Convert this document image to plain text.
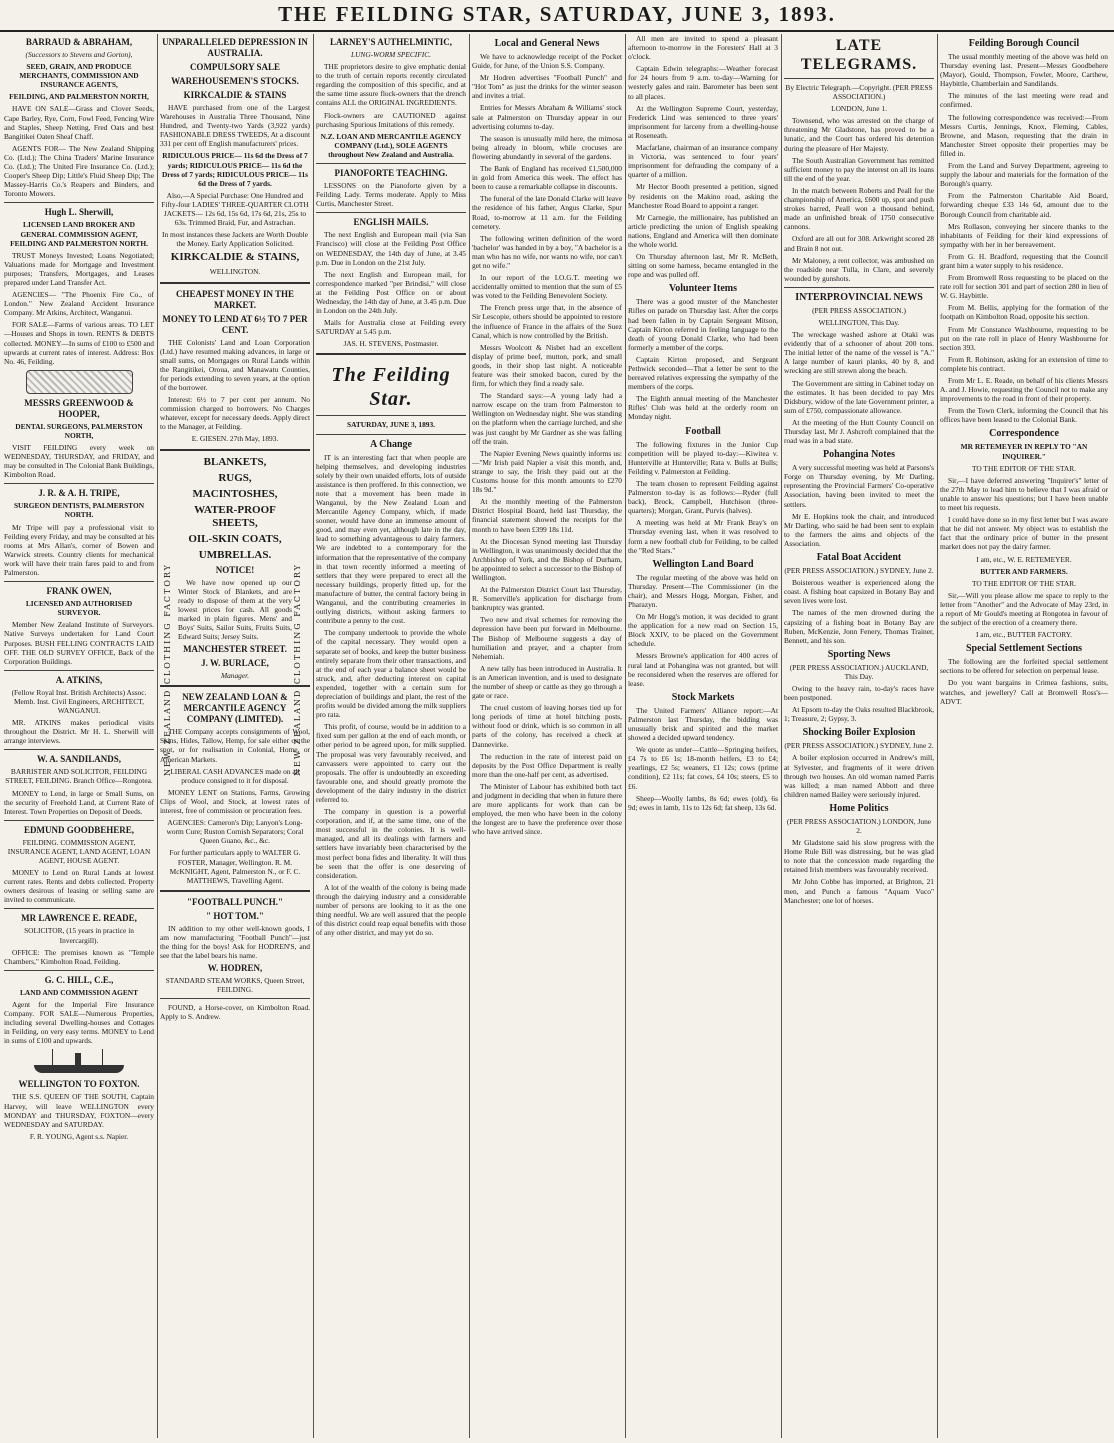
THE FEILDING STAR, SATURDAY, JUNE 3, 1893.
BARRAUD & ABRAHAM,

(Successors to Stevens and Gorton),

SEED, GRAIN, AND PRODUCE MERCHANTS, COMMISSION AND INSURANCE AGENTS,

FEILDING, AND PALMERSTON NORTH,

HAVE ON SALE—Grass and Clover Seeds, Cape Barley, Rye, Corn, Fowl Feed, Fencing Wire and Staples, Sheep Netting, Fred Oats and best Bangitikei Oaten Sheaf Chaff.

AGENTS FOR— The New Zealand Shipping Co. (Ltd.); The China Traders' Marine Insurance Co. (Ltd.); The United Fire Insurance Co. (Ltd.); Cooper's Sheep Dip; Little's Fluid Sheep Dip; The Massey-Harris Co.'s Reapers and Binders, and Toronto Mowers.

Hugh L. Sherwill,

LICENSED LAND BROKER AND GENERAL COMMISSION AGENT, FEILDING AND PALMERSTON NORTH.

TRUST Moneys Invested; Loans Negotiated; Valuations made for Mortgage and Investment purposes; Transfers, Mortgages, and Leases prepared under Land Transfer Act.

AGENCIES— "The Phoenix Fire Co., of London." New Zealand Accident Insurance Company. Mr Atkins, Architect, Wanganui.

FOR SALE—Farms of various areas. TO LET—Houses and Shops in town. RENTS & DEBTS collected. MONEY—In sums of £100 to £500 and upwards at current rates of interest. Address: Box No. 46, Feilding.

MESSRS GREENWOOD & HOOPER,

DENTAL SURGEONS, PALMERSTON NORTH,

VISIT FEILDING every week on WEDNESDAY, THURSDAY, and FRIDAY, and may be consulted in The Colonial Bank Buildings, Kimbolton Road.

J. R. & A. H. TRIPE,

SURGEON DENTISTS, PALMERSTON NORTH.

Mr Tripe will pay a professional visit to Feilding every Friday, and may be consulted at his rooms at Mrs Allan's, corner of Bowen and Warwick streets. Country clients for mechanical work will have their train fares paid to and from Palmerston.

FRANK OWEN,

LICENSED AND AUTHORISED SURVEYOR.

Member New Zealand Institute of Surveyors. Native Surveys undertaken for Land Court Purposes. BUSH FELLING CONTRACTS LAID OFF. THE OLD SURVEY OFFICE, Back of the Corporation Buildings.

A. ATKINS,

(Fellow Royal Inst. British Architects) Assoc. Memb. Inst. Civil Engineers, ARCHITECT, WANGANUI.

MR. ATKINS makes periodical visits throughout the District. Mr H. L. Sherwill will arrange interviews.

W. A. SANDILANDS,

BARRISTER AND SOLICITOR, FEILDING STREET, FEILDING. Branch Office—Rongotea.

MONEY to Lend, in large or Small Sums, on the security of Freehold Land, at Current Rate of Interest. Town Properties on Deposit of Deeds.

EDMUND GOODBEHERE,

FEILDING. COMMISSION AGENT, INSURANCE AGENT, LAND AGENT, LOAN AGENT, HOUSE AGENT.

MONEY to Lend on Rural Lands at lowest current rates. Rents and debts collected. Property owners desirous of leasing or selling same are invited to communicate.

MR LAWRENCE E. READE,

SOLICITOR, (15 years in practice in Invercargill).

OFFICE: The premises known as "Temple Chambers," Kimbolton Road, Feilding.

G. C. HILL, C.E.,

LAND AND COMMISSION AGENT

Agent for the Imperial Fire Insurance Company. FOR SALE—Numerous Properties, including several Dwelling-houses and Cottages in Feilding, on very easy terms. MONEY to Lend in sums of £100 and upwards.

WELLINGTON TO FOXTON.

THE S.S. QUEEN OF THE SOUTH, Captain Harvey, will leave WELLINGTON every MONDAY and THURSDAY, FOXTON—every WEDNESDAY and SATURDAY.

F. R. YOUNG, Agent s.s. Napier.

UNPARALLELED DEPRESSION IN AUSTRALIA.
COMPULSORY SALE
WAREHOUSEMEN'S STOCKS.
KIRKCALDIE & STAINS

HAVE purchased from one of the Largest Warehouses in Australia Three Thousand, Nine Hundred, and Twenty-two Yards (3,922 yards) FASHIONABLE DRESS TWEEDS, At a discount 331 per cent off English manufacturers' prices.

RIDICULOUS PRICE— 11s 6d the Dress of 7 yards; RIDICULOUS PRICE— 11s 6d the Dress of 7 yards; RIDICULOUS PRICE— 11s 6d the Dress of 7 yards.

Also,—A Special Purchase: One Hundred and Fifty-four LADIES' THREE-QUARTER CLOTH JACKETS— 12s 6d, 15s 6d, 17s 6d, 21s, 25s to 63s. Trimmed Braid, Fur, and Astrachan.

In most instances these Jackets are Worth Double the Money. Early Application Solicited.

KIRKCALDIE & STAINS,

WELLINGTON.

CHEAPEST MONEY IN THE MARKET.
MONEY TO LEND AT 6½ TO 7 PER CENT.

THE Colonists' Land and Loan Corporation (Ltd.) have resumed making advances, in large or small sums, on Mortgages on Rural Lands within the Rangitikei, Oroua, and Manawatu Counties, for periods extending to seven years, at the option of the borrower.

Interest: 6½ to 7 per cent per annum. No commission charged to borrowers. No Charges whatever, except for necessary deeds. Apply direct to the Manager, at Feilding.

E. GIESEN. 27th May, 1893.

BLANKETS,
RUGS,
MACINTOSHES,
WATER-PROOF SHEETS,
OIL-SKIN COATS,
UMBRELLAS.
NOTICE!

We have now opened up our Winter Stock of Blankets, and are ready to dispose of them at the very lowest prices for cash. All goods marked in plain figures. Mens' and Boys' Suits, Sailor Suits, Fruits Suits, Edward Suits; Jersey Suits.

MANCHESTER STREET.
J. W. BURLACE,

Manager.

NEW ZEALAND LOAN & MERCANTILE AGENCY COMPANY (LIMITED).

THE Company accepts consignments of Wool, Skins, Hides, Tallow, Hemp, for sale either on the spot, or for realisation in Colonial, Home, or American Markets.

LIBERAL CASH ADVANCES made on all produce consigned to it for disposal.

MONEY LENT on Stations, Farms, Growing Clips of Wool, and Stock, at lowest rates of interest, free of commission or procuration fees.

AGENCIES: Cameron's Dip; Lanyon's Long-worm Cure; Ruston Cornish Separators; Coral Queen Guano, &c., &c.

For further particulars apply to WALTER G. FOSTER, Manager, Wellington. R. M. McKNIGHT, Agent, Palmerston N., or F. C. MATTHEWS, Travelling Agent.

"FOOTBALL PUNCH."
" HOT TOM."

IN addition to my other well-known goods, I am now manufacturing "Football Punch"—just the thing for the boys! Ask for HODREN'S, and see that the label bears his name.

W. HODREN,

STANDARD STEAM WORKS, Queen Street, FEILDING.

FOUND, a Horse-cover, on Kimbolton Road. Apply to S. Andrew.

NEW ZEALAND CLOTHING FACTORY	NEW ZEALAND CLOTHING FACTORY
LARNEY'S AUTHELMINTIC,

LUNG-WORM SPECIFIC.

THE proprietors desire to give emphatic denial to the truth of certain reports recently circulated regarding the composition of this specific, and at the same time assure flock-owners that the drench contains ALL the ORIGINAL INGREDIENTS.

Flock-owners are CAUTIONED against purchasing Spurious Imitations of this remedy.

N.Z. LOAN AND MERCANTILE AGENCY COMPANY (Ltd.), SOLE AGENTS throughout New Zealand and Australia.

PIANOFORTE TEACHING.

LESSONS on the Pianoforte given by a Feilding Lady. Terms moderate. Apply to Miss Curtis, Manchester Street.

ENGLISH MAILS.

The next English and European mail (via San Francisco) will close at the Feilding Post Office on WEDNESDAY, the 14th day of June, at 3.45 p.m. Due in London on the 21st July.

The next English and European mail, for correspondence marked "per Brindisi," will close at the Feilding Post Office on or about Wednesday, the 14th day of June, at 3.45 p.m. Due in London on the 24th July.

Mails for Australia close at Feilding every SATURDAY at 5.45 p.m.

JAS. H. STEVENS, Postmaster.

The Feilding Star.

SATURDAY, JUNE 3, 1893.

A Change

IT is an interesting fact that when people are helping themselves, and developing industries solely by their own unaided efforts, lots of outside assistance is then proffered. In this connection, we note that a movement has been made in Wanganui, by the New Zealand Loan and Mercantile Agency Company, which, if made sooner, would have done an immense amount of good, and may even yet, although late in the day, lead to something advantageous to dairy farmers. We are indebted to a contemporary for the information that the representative of the company in that town recently informed a meeting of settlers that they were prepared to erect all the necessary buildings, properly fitted up, for the manufacture of butter, the central factory being in Wanganui, and the contributing creameries in outlying districts, without asking farmers to contribute a penny to the cost.

The company undertook to provide the whole of the capital necessary. They would open a separate set of books, and keep the butter business entirely separate from their other transactions, and at the end of each year a balance sheet would be struck, and, after deducting interest on capital expended, together with a certain sum for depreciation of buildings and plant, the rest of the profits would be divided among the milk suppliers pro rata.

This profit, of course, would be in addition to a fixed sum per gallon at the end of each month, or other period to be agreed upon, for milk supplied. The proposal was very favourably received, and canvassers were appointed to carry out the proposals. The offer is undoubtedly an exceeding favourable one, and should greatly promote the development of the dairy industry in the district referred to.

The company in question is a powerful corporation, and if, at the same time, one of the most successful in the colonies. It is well-managed, and all its dealings with farmers and settlers have invariably been characterised by the most perfect bona fides and liberality. It will thus be seen that the offer is one deserving of consideration.

A lot of the wealth of the colony is being made through the dairying industry and a considerable number of persons are looking to it as the one thing needful. We are well assured that the people of this district could reap equal benefits with those of any other district, and may yet do so.

Local and General News

We have to acknowledge receipt of the Pocket Guide, for June, of the Union S.S. Company.

Mr Hodren advertises "Football Punch" and "Hot Tom" as just the drinks for the winter season and invites a trial.

Entries for Messrs Abraham & Williams' stock sale at Palmerston on Thursday appear in our advertising columns to-day.

The season is unusually mild here, the mimosa being already in bloom, while crocuses are flowering abundantly in several of the gardens.

The Bank of England has received £1,500,000 in gold from America this week. The effect has been to cause a remarkable collapse in discounts.

The funeral of the late Donald Clarke will leave the residence of his father, Angus Clarke, Spur Road, to-morrow at 11 a.m. for the Feilding cemetery.

The following written definition of the word 'bachelor' was handed in by a boy, "A bachelor is a man who has no wife, nor wants no wife, nor can't get no wife."

In our report of the I.O.G.T. meeting we accidentally omitted to mention that the sum of £5 was voted to the Feilding Benevolent Society.

The French press urge that, in the absence of Sir Lescopie, others should be appointed to restore the influence of France in the affairs of the Suez Canal, which is now controlled by the British.

Messrs Woolcott & Nisbet had an excellent display of prime beef, mutton, pork, and small goods, in their shop last night. A noticeable feature was their smoked bacon, cured by the firm, for which they find a ready sale.

The Standard says:—A young lady had a narrow escape on the tram from Palmerston to Wellington on Wednesday night. She was standing on the platform when the carriage lurched, and she was just caught by Mr Gardner as she was falling off the train.

The Napier Evening News quaintly informs us:—"Mr Irish paid Napier a visit this month, and, strange to say, the Irish they paid out at the Customs house for this month amounts to £270 18s 9d."

At the monthly meeting of the Palmerston District Hospital Board, held last Thursday, the financial statement showed the receipts for the month to have been £399 18s 11d.

At the Diocesan Synod meeting last Thursday in Wellington, it was unanimously decided that the Archbishop of York, and the Bishop of Durham, be appointed to select a successor to the Bishop of Wellington.

At the Palmerston District Court last Thursday, R. Somerville's application for discharge from bankruptcy was granted.

Two new and rival schemes for removing the depression have been put forward in Melbourne. The Bishop of Melbourne suggests a day of humiliation and prayer, and a chapter from Nehemiah.

A new tally has been introduced in Australia. It is an American invention, and is used to designate the number of sheep or cattle as they go through a gate or race.

The cruel custom of leaving horses tied up for long periods of time at hotel hitching posts, without food or drink, which is so common in all parts of the colony, has received a check at Dannevirke.

The reduction in the rate of interest paid on deposits by the Post Office Department is really more than the one-half per cent, as advertised.

The Minister of Labour has exhibited both tact and judgment in deciding that when in future there are more applicants for work than can be employed, the men who have been in the colony the longest are to have the preference over those who have arrived since.

All men are invited to spend a pleasant afternoon to-morrow in the Foresters' Hall at 3 o'clock.

Captain Edwin telegraphs:—Weather forecast for 24 hours from 9 a.m. to-day—Warning for westerly gales and rain. Barometer has been sent to all places.

At the Wellington Supreme Court, yesterday, Frederick Lind was sentenced to three years' imprisonment for larceny from a dwelling-house at Roseneath.

Macfarlane, chairman of an insurance company in Victoria, was sentenced to four years' imprisonment for defrauding the company of a quarter of a million.

Mr Hector Booth presented a petition, signed by residents on the Makino road, asking the Manchester Road Board to appoint a ranger.

Mr Carnegie, the millionaire, has published an article predicting the union of English speaking nations, England and America will then dominate the whole world.

On Thursday afternoon last, Mr R. McBeth, sitting on some harness, became entangled in the rope and was pulled off.

Volunteer Items

There was a good muster of the Manchester Rifles on parade on Thursday last. After the corps had been fallen in by Captain Sergeant Mitson, Captain Kirton referred in feeling language to the death of young Donald Clarke, who had been formerly a member of the corps.

Captain Kirton proposed, and Sergeant Pethwick seconded—That a letter be sent to the bereaved relatives expressing the sympathy of the members of the corps.

The Eighth annual meeting of the Manchester Rifles' Club was held at the orderly room on Monday night.

Football

The following fixtures in the Junior Cup competition will be played to-day:—Kiwitea v. Hunterville at Hunterville; Rata v. Bulls at Bulls; Feilding v. Palmerston at Feilding.

The team chosen to represent Feilding against Palmerston to-day is as follows:—Ryder (full back), Brock, Campbell, Hutchison (three-quarters); Morgan, Grant, Purvis (halves).

A meeting was held at Mr Frank Bray's on Thursday evening last, when it was resolved to form a new football club for Feilding, to be called the "Red Stars."

Wellington Land Board

The regular meeting of the above was held on Thursday. Present—The Commissioner (in the chair), and Messrs Hogg, Morgan, Fisher, and Pharazyn.

On Mr Hogg's motion, it was decided to grant the application for a new road on Section 15, Block XXIV, to be placed on the Government schedule.

Messrs Browne's application for 400 acres of rural land at Pohangina was not granted, but will be reconsidered when the reserves are offered for lease.

Stock Markets

The United Farmers' Alliance report:—At Palmerston last Thursday, the bidding was unusually brisk and spirited and the market showed a decided upward tendency.

We quote as under—Cattle—Springing heifers, £4 7s to £6 1s; 18-month heifers, £3 to £4; yearlings, £2 5s; weaners, £1 12s; cows (prime condition), £2 11s; fat cows, £4 10s; steers, £5 to £6.

Sheep—Woolly lambs, 8s 6d; ewes (old), 6s 9d; ewes in lamb, 11s to 12s 6d; fat sheep, 13s 6d.

LATE TELEGRAMS.

By Electric Telegraph.—Copyright. (PER PRESS ASSOCIATION.)

LONDON, June 1.

Townsend, who was arrested on the charge of threatening Mr Gladstone, has proved to be a lunatic, and the Court has ordered his detention during the pleasure of Her Majesty.

The South Australian Government has remitted sufficient money to pay the interest on all its loans till the end of the year.

In the match between Roberts and Peall for the championship of America, £600 up, spot and push strokes barred, Peall won a thousand behind, made an unfinished break of 1750 consecutive cannons.

Oxford are all out for 308. Arkwright scored 28 and Brain 8 not out.

Mr Maloney, a rent collector, was ambushed on the roadside near Tulla, in Clare, and severely wounded by gunshots.

INTERPROVINCIAL NEWS

(PER PRESS ASSOCIATION.)

WELLINGTON, This Day.

The wreckage washed ashore at Otaki was evidently that of a schooner of about 200 tons. The initial letter of the name of the vessel is "A." A large number of kauri planks, 40 by 8, and wrecking are still strewn along the beach.

The Government are sitting in Cabinet today on the estimates. It has been decided to pay Mrs Didsbury, widow of the late Government printer, a sum of £750, compassionate allowance.

At the meeting of the Hutt County Council on Thursday last, Mr J. Ashcroft complained that the road was in a bad state.

Pohangina Notes

A very successful meeting was held at Parsons's Forge on Thursday evening, by Mr Darling, representing the Provincial Farmers' Co-operative Association, having been invited to meet the settlers.

Mr E. Hopkins took the chair, and introduced Mr Darling, who said he had been sent to explain to the farmers the aims and objects of the Association.

Fatal Boat Accident

(PER PRESS ASSOCIATION.) SYDNEY, June 2.

Boisterous weather is experienced along the coast. A fishing boat capsized in Botany Bay and seven lives were lost.

The names of the men drowned during the capsizing of a fishing boat in Botany Bay are Ruben, McKenzie, Jonn Fenery, Thomas Trainer, Bennett, and his son.

Sporting News

(PER PRESS ASSOCIATION.) AUCKLAND, This Day.

Owing to the heavy rain, to-day's races have been postponed.

At Epsom to-day the Oaks resulted Blackbrook, 1; Treasure, 2; Gypsy, 3.

Shocking Boiler Explosion

(PER PRESS ASSOCIATION.) SYDNEY, June 2.

A boiler explosion occurred in Andrew's mill, at Sylvester, and fragments of it were driven through two houses. An old woman named Parris was killed; a man named Abbott and three children named Bailey were seriously injured.

Home Politics

(PER PRESS ASSOCIATION.) LONDON, June 2.

Mr Gladstone said his slow progress with the Home Rule Bill was distressing, but he was glad to note that the concession made regarding the retained Irish members was favourably received.

Mr John Cobbe has imported, at Brighton, 21 men, and Punch a famous "Aquam Vuco" Manchester; one lot of horses.

Feilding Borough Council

The usual monthly meeting of the above was held on Thursday evening last. Present—Messrs Goodbehere (Mayor), Gould, Thompson, Fowler, Moore, Carthew, Haybittle, Chamberlain and Sandilands.

The minutes of the last meeting were read and confirmed.

The following correspondence was received:—From Messrs Curtis, Jennings, Knox, Fleming, Cables, Browne, and Mason, requesting that the drain in Manchester Street opposite their properties may be filled in.

From the Land and Survey Department, agreeing to supply the labour and materials for the formation of the Borough's quarry.

From the Palmerston Charitable Aid Board, forwarding cheque £33 14s 6d, amount due to the Borough Council from charitable aid.

Mrs Rollason, conveying her sincere thanks to the inhabitants of Feilding for their kind expressions of sympathy with her in her bereavement.

From G. H. Bradford, requesting that the Council grant him a water supply to his residence.

From Bromwell Ross requesting to be placed on the rate roll for section 301 and part of section 280 in lieu of W. G. Haybittle.

From M. Bellis, applying for the formation of the footpath on Kimbolton Road, opposite his section.

From Mr Constance Washbourne, requesting to be put on the rate roll in place of Henry Washbourne for section 393.

From R. Robinson, asking for an extension of time to complete his contract.

From Mr L. E. Reade, on behalf of his clients Messrs A. and J. Howie, requesting the Council not to make any improvements to the road in front of their property.

From the Town Clerk, informing the Council that his offices have been leased to the Colonial Bank.

Correspondence

MR RETEMEYER IN REPLY TO "AN INQUIRER."

TO THE EDITOR OF THE STAR.

Sir,—I have deferred answering "Inquirer's" letter of the 27th May to lead him to believe that I was afraid or unable to answer his questions; but I have been unable to meet his requests.

I could have done so in my first letter but I was aware that he did not answer. My object was to establish the fact that the ordinary price of butter in the present market does not pay the dairy farmer.

I am, etc., W. E. RETEMEYER.

BUTTER AND FARMERS.

TO THE EDITOR OF THE STAR.

Sir,—Will you please allow me space to reply to the letter from "Another" and the Advocate of May 23rd, in a report of Mr Gould's meeting at Rongotea in favour of the subject of the erection of a creamery there.

I am, etc., BUTTER FACTORY.

Special Settlement Sections

The following are the forfeited special settlement sections to be offered for selection on perpetual lease.

Do you want bargains in Crimea fashions, suits, watches, and jewellery? Call at Bromwell Ross's—ADVT.
